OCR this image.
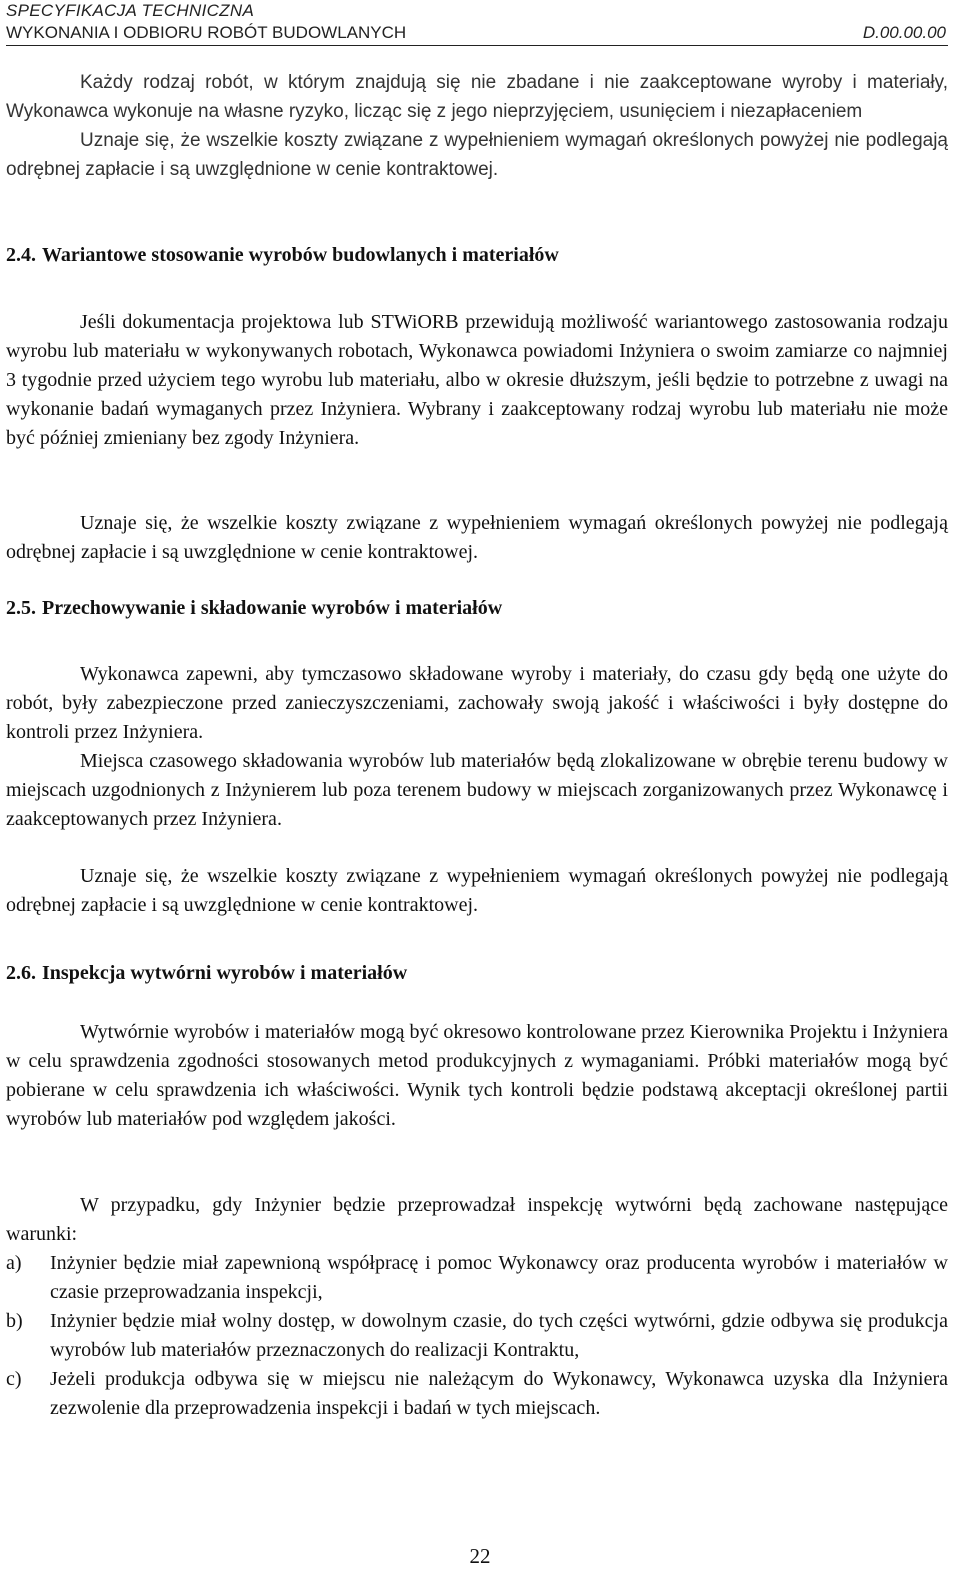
SPECYFIKACJA TECHNICZNA
WYKONANIA I ODBIORU ROBÓT BUDOWLANYCH	D.00.00.00

Każdy rodzaj robót, w którym znajdują się nie zbadane i nie zaakceptowane wyroby i materiały, Wykonawca wykonuje na własne ryzyko, licząc się z jego nieprzyjęciem, usunięciem i niezapłaceniem

Uznaje się, że wszelkie koszty związane z wypełnieniem wymagań określonych powyżej nie podlegają odrębnej zapłacie i są uwzględnione w cenie kontraktowej.

2.4. Wariantowe stosowanie wyrobów budowlanych i materiałów

Jeśli dokumentacja projektowa lub STWiORB przewidują możliwość wariantowego zastosowania rodzaju wyrobu lub materiału w wykonywanych robotach, Wykonawca powiadomi Inżyniera o swoim zamiarze co najmniej 3 tygodnie przed użyciem tego wyrobu lub materiału, albo w okresie dłuższym, jeśli będzie to potrzebne z uwagi na wykonanie badań wymaganych przez Inżyniera. Wybrany i zaakceptowany rodzaj wyrobu lub materiału nie może być później zmieniany bez zgody Inżyniera.

Uznaje się, że wszelkie koszty związane z wypełnieniem wymagań określonych powyżej nie podlegają odrębnej zapłacie i są uwzględnione w cenie kontraktowej.

2.5. Przechowywanie i składowanie wyrobów i materiałów

Wykonawca zapewni, aby tymczasowo składowane wyroby i materiały, do czasu gdy będą one użyte do robót, były zabezpieczone przed zanieczyszczeniami, zachowały swoją jakość i właściwości i były dostępne do kontroli przez Inżyniera.

Miejsca czasowego składowania wyrobów lub materiałów będą zlokalizowane w obrębie terenu budowy w miejscach uzgodnionych z Inżynierem lub poza terenem budowy w miejscach zorganizowanych przez Wykonawcę i zaakceptowanych przez Inżyniera.

Uznaje się, że wszelkie koszty związane z wypełnieniem wymagań określonych powyżej nie podlegają odrębnej zapłacie i są uwzględnione w cenie kontraktowej.

2.6. Inspekcja wytwórni wyrobów i materiałów

Wytwórnie wyrobów i materiałów mogą być okresowo kontrolowane przez Kierownika Projektu i Inżyniera w celu sprawdzenia zgodności stosowanych metod produkcyjnych z wymaganiami. Próbki materiałów mogą być pobierane w celu sprawdzenia ich właściwości. Wynik tych kontroli będzie podstawą akceptacji określonej partii wyrobów lub materiałów pod względem jakości.

W przypadku, gdy Inżynier będzie przeprowadzał inspekcję wytwórni będą zachowane następujące warunki:

a) Inżynier będzie miał zapewnioną współpracę i pomoc Wykonawcy oraz producenta wyrobów i materiałów w czasie przeprowadzania inspekcji,
b) Inżynier będzie miał wolny dostęp, w dowolnym czasie, do tych części wytwórni, gdzie odbywa się produkcja wyrobów lub materiałów przeznaczonych do realizacji Kontraktu,
c) Jeżeli produkcja odbywa się w miejscu nie należącym do Wykonawcy, Wykonawca uzyska dla Inżyniera zezwolenie dla przeprowadzenia inspekcji i badań w tych miejscach.
22
